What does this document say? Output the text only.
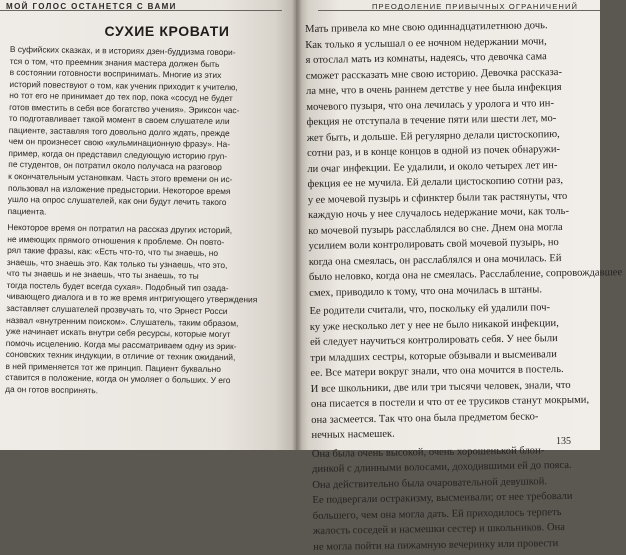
МОЙ ГОЛОС ОСТАНЕТСЯ С ВАМИ
СУХИЕ КРОВАТИ
В суфийских сказках, и в историях дзен-буддизма говори-
тся о том, что преемник знания мастера должен быть
в состоянии готовности воспринимать. Многие из этих
историй повествуют о том, как ученик приходит к учителю,
но тот его не принимает до тех пор, пока «сосуд не будет
готов вместить в себя все богатство учения». Эриксон час-
то подготавливает такой момент в своем слушателе или
пациенте, заставляя того довольно долго ждать, прежде
чем он произнесет свою «кульминационную фразу». На-
пример, когда он представил следующую историю груп-
пе студентов, он потратил около получаса на разговор
к окончательным установкам. Часть этого времени он ис-
пользовал на изложение предыстории. Некоторое время
ушло на опрос слушателей, как они будут лечить такого
пациента.
Некоторое время он потратил на рассказ других историй,
не имеющих прямого отношения к проблеме. Он повто-
рял такие фразы, как: «Есть что-то, что ты знаешь, но
знаешь, что знаешь это. Как только ты узнаешь, что это,
что ты знаешь и не знаешь, что ты знаешь, то ты
тогда постель будет всегда сухая». Подобный тип озада-
чивающего диалога и в то же время интригующего утверждения
заставляет слушателей прозвучать то, что Эрнест Росси
назвал «внутренним поиском». Слушатель, таким образом,
уже начинает искать внутри себя ресурсы, которые могут
помочь исцелению. Когда мы рассматриваем одну из эрик-
соновских техник индукции, в отличие от техник ожиданий,
в ней применяется тот же принцип. Пациент буквально
ставится в положение, когда он умоляет о больших. У его
да он готов воспринять.
ПРЕОДОЛЕНИЕ ПРИВЫЧНЫХ ОГРАНИЧЕНИЙ
Мать привела ко мне свою одиннадцатилетнюю дочь.
Как только я услышал о ее ночном недержании мочи,
я отослал мать из комнаты, надеясь, что девочка сама
сможет рассказать мне свою историю. Девочка рассказа-
ла мне, что в очень раннем детстве у нее была инфекция
мочевого пузыря, что она лечилась у уролога и что ин-
фекция не отступала в течение пяти или шести лет, мо-
жет быть, и дольше. Ей регулярно делали цистоскопию,
сотни раз, и в конце концов в одной из почек обнаружи-
ли очаг инфекции. Ее удалили, и около четырех лет ин-
фекция ее не мучила. Ей делали цистоскопию сотни раз,
у ее мочевой пузырь и сфинктер были так растянуты, что
каждую ночь у нее случалось недержание мочи, как толь-
ко мочевой пузырь расслаблялся во сне. Днем она могла
усилием воли контролировать свой мочевой пузырь, но
когда она смеялась, он расслаблялся и она мочилась. Ей
было неловко, когда она не смеялась. Расслабление, сопровождавшее
смех, приводило к тому, что она мочилась в штаны.
Ее родители считали, что, поскольку ей удалили поч-
ку уже несколько лет у нее не было никакой инфекции,
ей следует научиться контролировать себя. У нее были
три младших сестры, которые обзывали и высмеивали
ее. Все матери вокруг знали, что она мочится в постель.
И все школьники, две или три тысячи человек, знали, что
она писается в постели и что от ее трусиков станут мокрыми,
она засмеется. Так что она была предметом беско-
нечных насмешек.
Она была очень высокой, очень хорошенькой блон-
динкой с длинными волосами, доходившими ей до пояса.
Она действительно была очаровательной девушкой.
Ее подвергали остракизму, высмеивали; от нее требовали
большего, чем она могла дать. Ей приходилось терпеть
жалость соседей и насмешки сестер и школьников. Она
не могла пойти на пижамную вечеринку или провести
135
